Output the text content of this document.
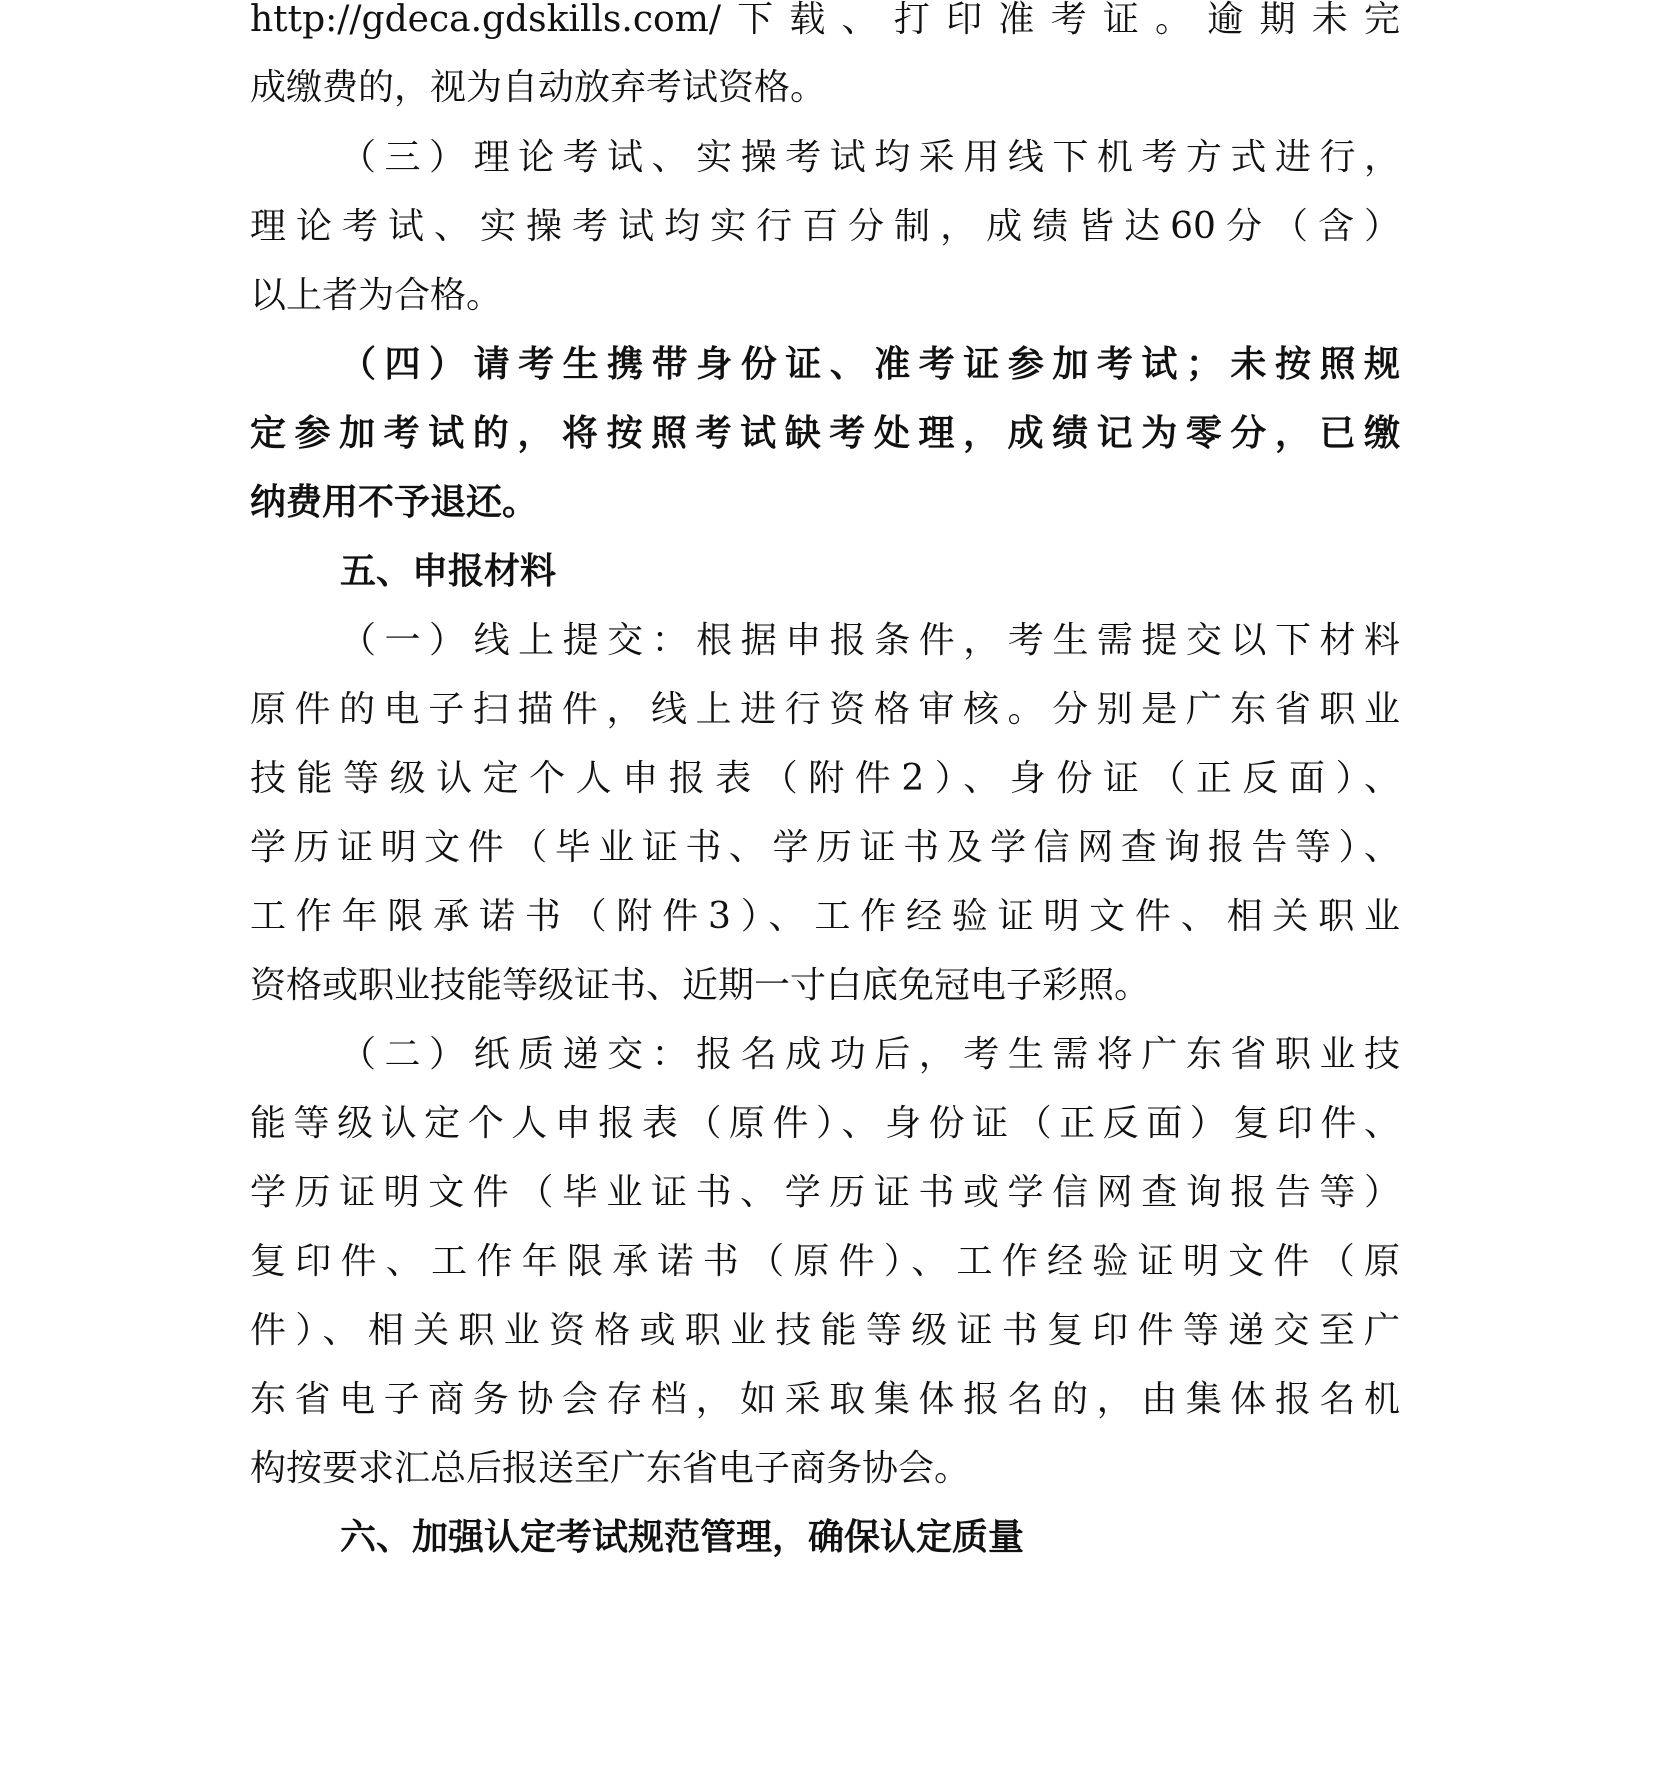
http://gdeca.gdskills.com/下载、打印准考证。逾期未完
成缴费的，视为自动放弃考试资格。
（三）理论考试、实操考试均采用线下机考方式进行，
理论考试、实操考试均实行百分制，成绩皆达60分（含）
以上者为合格。
（四）请考生携带身份证、准考证参加考试；未按照规
定参加考试的，将按照考试缺考处理，成绩记为零分，已缴
纳费用不予退还。
五、申报材料
（一）线上提交：根据申报条件，考生需提交以下材料
原件的电子扫描件，线上进行资格审核。分别是广东省职业
技能等级认定个人申报表（附件2）、身份证（正反面）、
学历证明文件（毕业证书、学历证书及学信网查询报告等）、
工作年限承诺书（附件3）、工作经验证明文件、相关职业
资格或职业技能等级证书、近期一寸白底免冠电子彩照。
（二）纸质递交：报名成功后，考生需将广东省职业技
能等级认定个人申报表（原件）、身份证（正反面）复印件、
学历证明文件（毕业证书、学历证书或学信网查询报告等）
复印件、工作年限承诺书（原件）、工作经验证明文件（原
件）、相关职业资格或职业技能等级证书复印件等递交至广
东省电子商务协会存档，如采取集体报名的，由集体报名机
构按要求汇总后报送至广东省电子商务协会。
六、加强认定考试规范管理，确保认定质量
